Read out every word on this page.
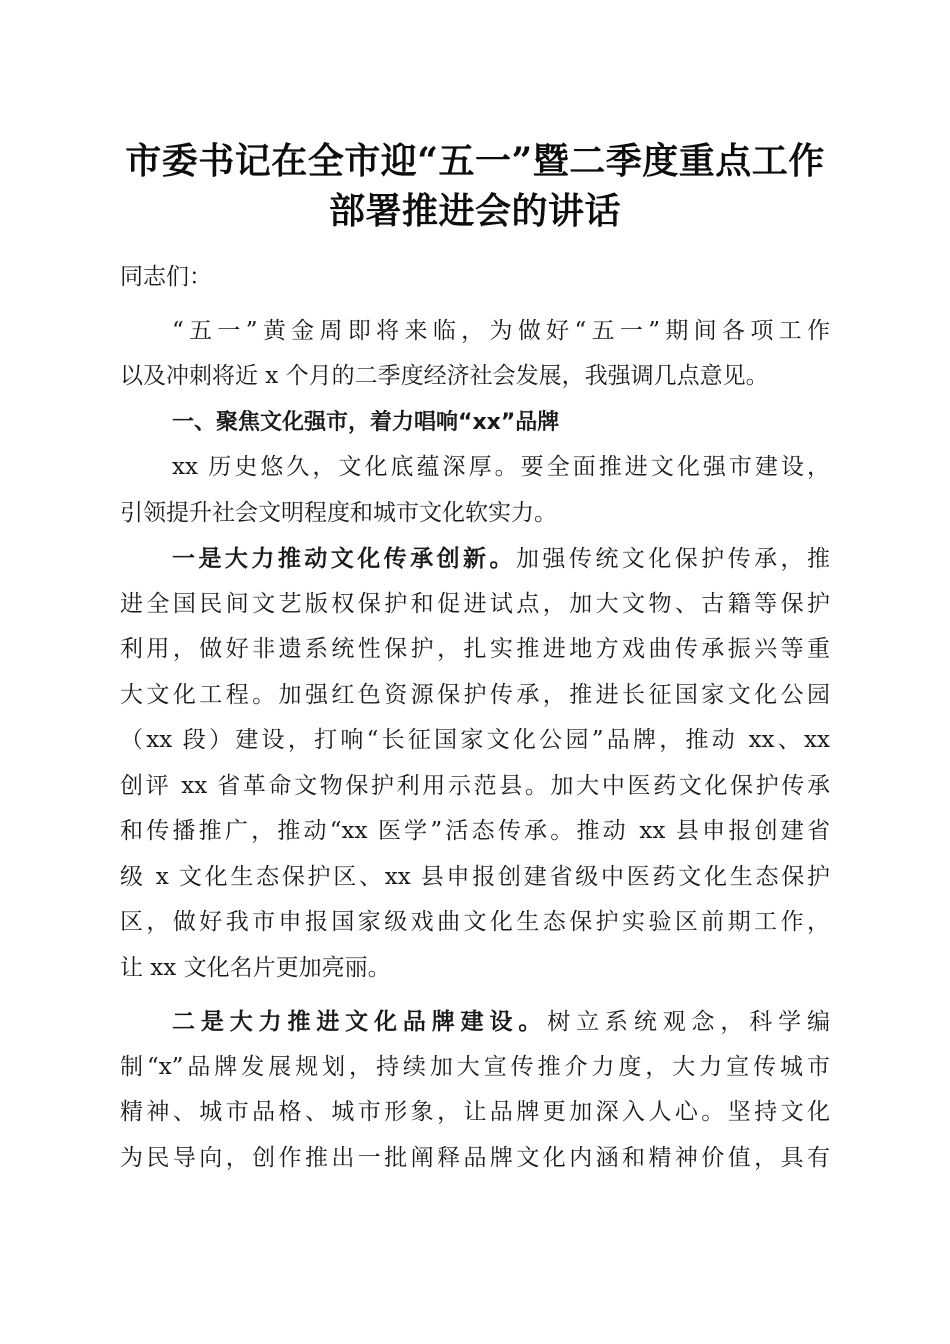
市委书记在全市迎“五一”暨二季度重点工作
部署推进会的讲话
同志们：
“五一”黄金周即将来临，为做好“五一”期间各项工作
以及冲刺将近 x 个月的二季度经济社会发展，我强调几点意见。
一、聚焦文化强市，着力唱响“xx”品牌
xx 历史悠久，文化底蕴深厚。要全面推进文化强市建设，
引领提升社会文明程度和城市文化软实力。
一是大力推动文化传承创新。加强传统文化保护传承，推
进全国民间文艺版权保护和促进试点，加大文物、古籍等保护
利用，做好非遗系统性保护，扎实推进地方戏曲传承振兴等重
大文化工程。加强红色资源保护传承，推进长征国家文化公园
（xx 段）建设，打响“长征国家文化公园”品牌，推动 xx、xx
创评 xx 省革命文物保护利用示范县。加大中医药文化保护传承
和传播推广，推动“xx 医学”活态传承。推动 xx 县申报创建省
级 x 文化生态保护区、xx 县申报创建省级中医药文化生态保护
区，做好我市申报国家级戏曲文化生态保护实验区前期工作，
让 xx 文化名片更加亮丽。
二是大力推进文化品牌建设。树立系统观念，科学编
制“x”品牌发展规划，持续加大宣传推介力度，大力宣传城市
精神、城市品格、城市形象，让品牌更加深入人心。坚持文化
为民导向，创作推出一批阐释品牌文化内涵和精神价值，具有
